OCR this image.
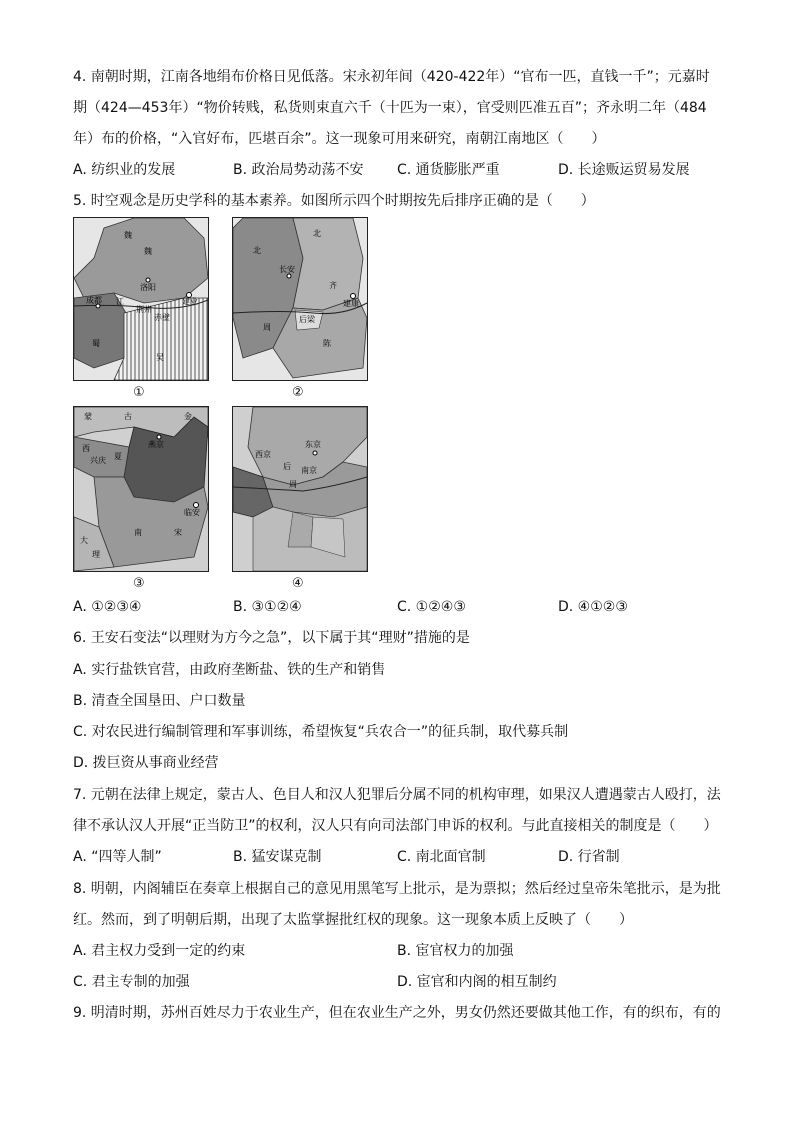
4. 南朝时期，江南各地绢布价格日见低落。宋永初年间（420-422年）“官布一匹，直钱一千”；元嘉时
期（424—453年）“物价转贱，私货则束直六千（十匹为一束），官受则匹准五百”；齐永明二年（484
年）布的价格，“入官好布，匹堪百余”。这一现象可用来研究，南朝江南地区（　　）
A. 纺织业的发展	B. 政治局势动荡不安 C. 通货膨胀严重	D. 长途贩运贸易发展
5. 时空观念是历史学科的基本素养。如图所示四个时期按先后排序正确的是（　　）
魏
魏
蜀
吴
成都
洛阳
建业
荆州
赤壁
江
①
北
北
周
齐
陈
后梁
长安
建康
②
蒙	古	金
西
夏
南	宋
大
理
兴庆
燕京
临安
③
西京
东京
南京
后
周
④
A. ①②③④	B. ③①②④	C. ①②④③	D. ④①②③
6. 王安石变法“以理财为方今之急”，以下属于其“理财”措施的是
A. 实行盐铁官营，由政府垄断盐、铁的生产和销售
B. 清查全国垦田、户口数量
C. 对农民进行编制管理和军事训练，希望恢复“兵农合一”的征兵制，取代募兵制
D. 拨巨资从事商业经营
7. 元朝在法律上规定，蒙古人、色目人和汉人犯罪后分属不同的机构审理，如果汉人遭遇蒙古人殴打，法
律不承认汉人开展“正当防卫”的权利，汉人只有向司法部门申诉的权利。与此直接相关的制度是（　　）
A. “四等人制”	B. 猛安谋克制	C. 南北面官制	D. 行省制
8. 明朝，内阁辅臣在奏章上根据自己的意见用黑笔写上批示，是为票拟；然后经过皇帝朱笔批示，是为批
红。然而，到了明朝后期，出现了太监掌握批红权的现象。这一现象本质上反映了（　　）
A. 君主权力受到一定的约束	B. 宦官权力的加强
C. 君主专制的加强	D. 宦官和内阁的相互制约
9. 明清时期，苏州百姓尽力于农业生产，但在农业生产之外，男女仍然还要做其他工作，有的织布，有的
